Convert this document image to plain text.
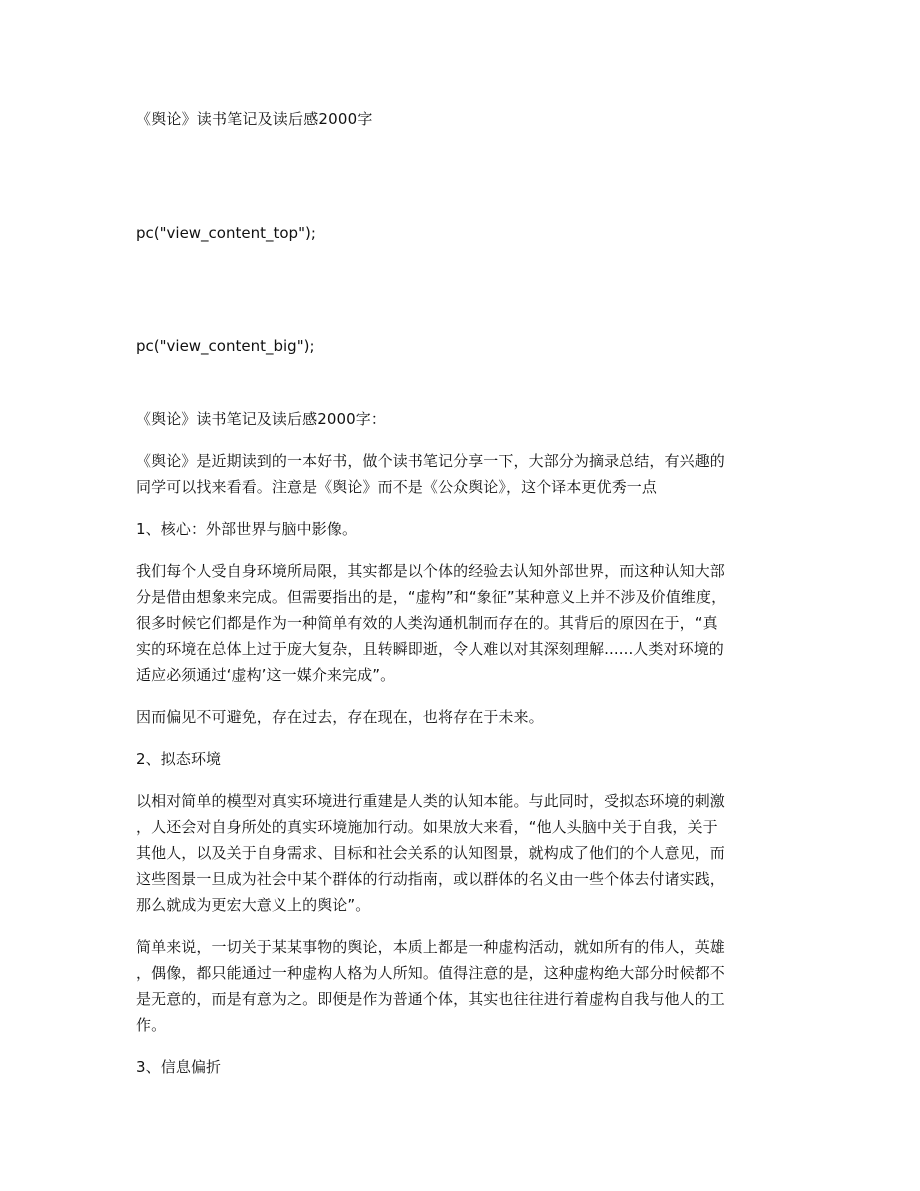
《舆论》读书笔记及读后感2000字
pc("view_content_top");
pc("view_content_big");
《舆论》读书笔记及读后感2000字：
《舆论》是近期读到的一本好书，做个读书笔记分享一下，大部分为摘录总结，有兴趣的
同学可以找来看看。注意是《舆论》而不是《公众舆论》，这个译本更优秀一点
1、核心：外部世界与脑中影像。
我们每个人受自身环境所局限，其实都是以个体的经验去认知外部世界，而这种认知大部
分是借由想象来完成。但需要指出的是，“虚构”和“象征”某种意义上并不涉及价值维度，
很多时候它们都是作为一种简单有效的人类沟通机制而存在的。其背后的原因在于，“真
实的环境在总体上过于庞大复杂，且转瞬即逝，令人难以对其深刻理解......人类对环境的
适应必须通过‘虚构’这一媒介来完成”。
因而偏见不可避免，存在过去，存在现在，也将存在于未来。
2、拟态环境
以相对简单的模型对真实环境进行重建是人类的认知本能。与此同时，受拟态环境的刺激
，人还会对自身所处的真实环境施加行动。如果放大来看，“他人头脑中关于自我，关于
其他人，以及关于自身需求、目标和社会关系的认知图景，就构成了他们的个人意见，而
这些图景一旦成为社会中某个群体的行动指南，或以群体的名义由一些个体去付诸实践，
那么就成为更宏大意义上的舆论”。
简单来说，一切关于某某事物的舆论，本质上都是一种虚构活动，就如所有的伟人，英雄
，偶像，都只能通过一种虚构人格为人所知。值得注意的是，这种虚构绝大部分时候都不
是无意的，而是有意为之。即便是作为普通个体，其实也往往进行着虚构自我与他人的工
作。
3、信息偏折
